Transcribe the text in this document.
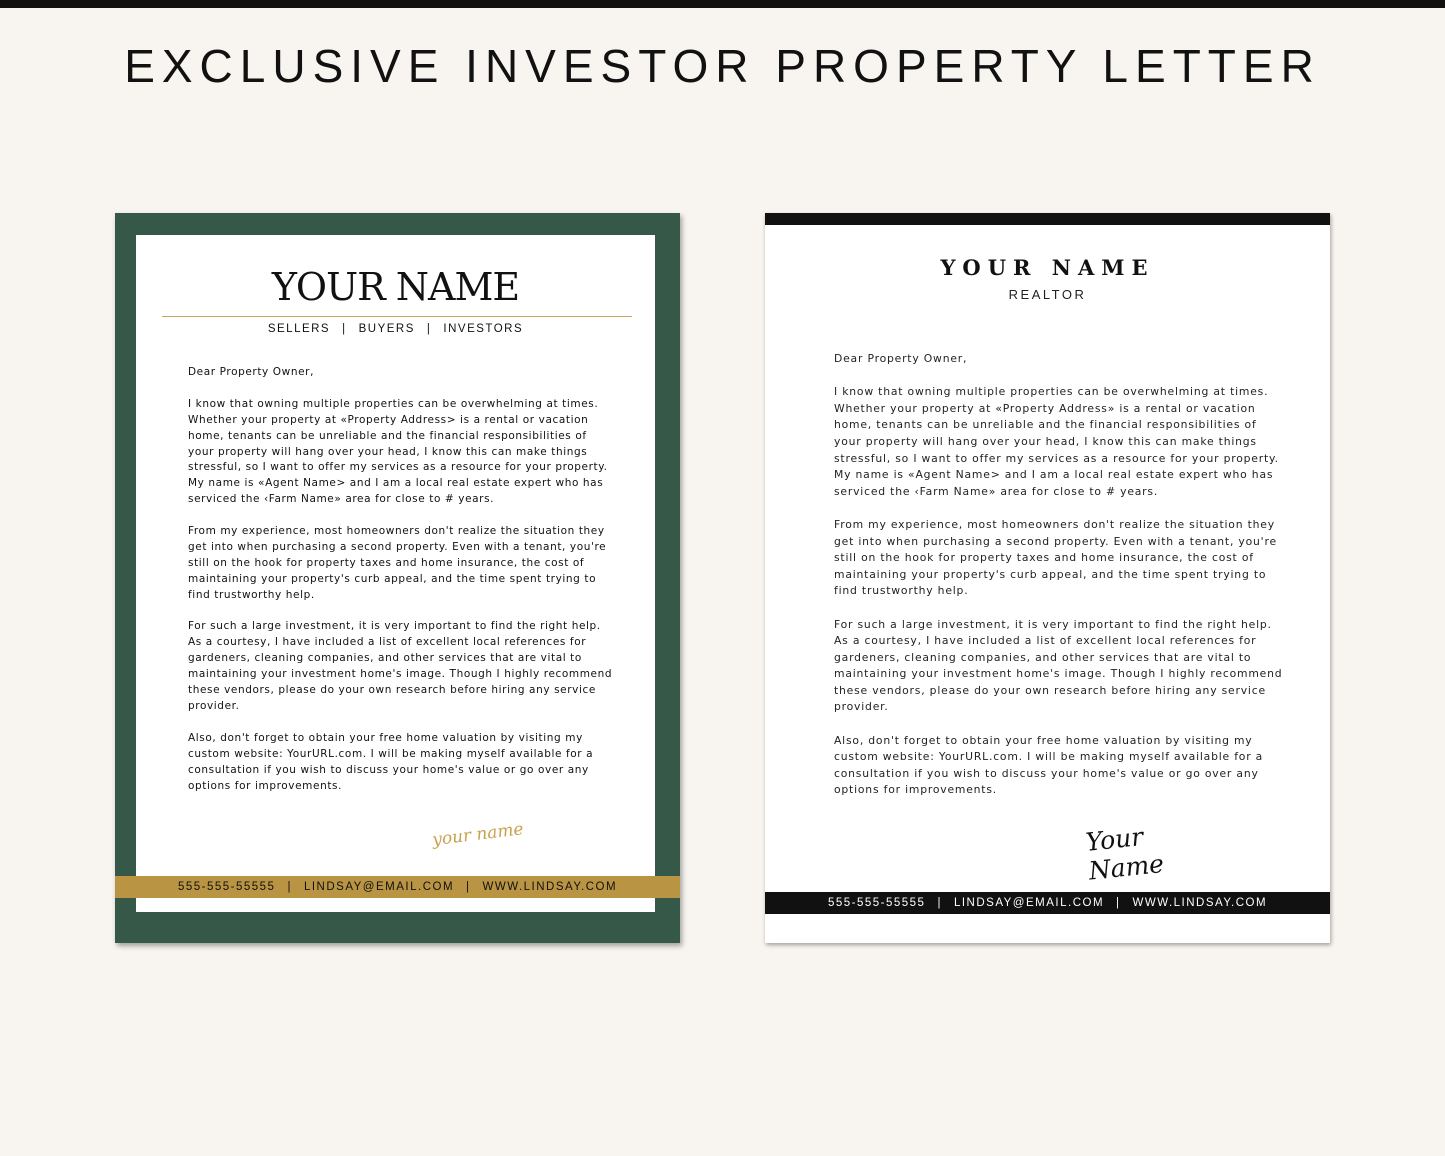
EXCLUSIVE INVESTOR PROPERTY LETTER
YOUR NAME
SELLERS | BUYERS | INVESTORS

Dear Property Owner,

I know that owning multiple properties can be overwhelming at times. Whether your property at «Property Address> is a rental or vacation home, tenants can be unreliable and the financial responsibilities of your property will hang over your head, I know this can make things stressful, so I want to offer my services as a resource for your property. My name is «Agent Name> and I am a local real estate expert who has serviced the ‹Farm Name» area for close to # years.

From my experience, most homeowners don't realize the situation they get into when purchasing a second property. Even with a tenant, you're still on the hook for property taxes and home insurance, the cost of maintaining your property's curb appeal, and the time spent trying to find trustworthy help.

For such a large investment, it is very important to find the right help. As a courtesy, I have included a list of excellent local references for gardeners, cleaning companies, and other services that are vital to maintaining your investment home's image. Though I highly recommend these vendors, please do your own research before hiring any service provider.

Also, don't forget to obtain your free home valuation by visiting my custom website: YourURL.com. I will be making myself available for a consultation if you wish to discuss your home's value or go over any options for improvements.

your name
555-555-55555 | LINDSAY@EMAIL.COM | WWW.LINDSAY.COM
YOUR NAME
REALTOR

Dear Property Owner,

I know that owning multiple properties can be overwhelming at times. Whether your property at «Property Address» is a rental or vacation home, tenants can be unreliable and the financial responsibilities of your property will hang over your head, I know this can make things stressful, so I want to offer my services as a resource for your property. My name is «Agent Name> and I am a local real estate expert who has serviced the ‹Farm Name» area for close to # years.

From my experience, most homeowners don't realize the situation they get into when purchasing a second property. Even with a tenant, you're still on the hook for property taxes and home insurance, the cost of maintaining your property's curb appeal, and the time spent trying to find trustworthy help.

For such a large investment, it is very important to find the right help. As a courtesy, I have included a list of excellent local references for gardeners, cleaning companies, and other services that are vital to maintaining your investment home's image. Though I highly recommend these vendors, please do your own research before hiring any service provider.

Also, don't forget to obtain your free home valuation by visiting my custom website: YourURL.com. I will be making myself available for a consultation if you wish to discuss your home's value or go over any options for improvements.

Your Name
555-555-55555 | LINDSAY@EMAIL.COM | WWW.LINDSAY.COM
